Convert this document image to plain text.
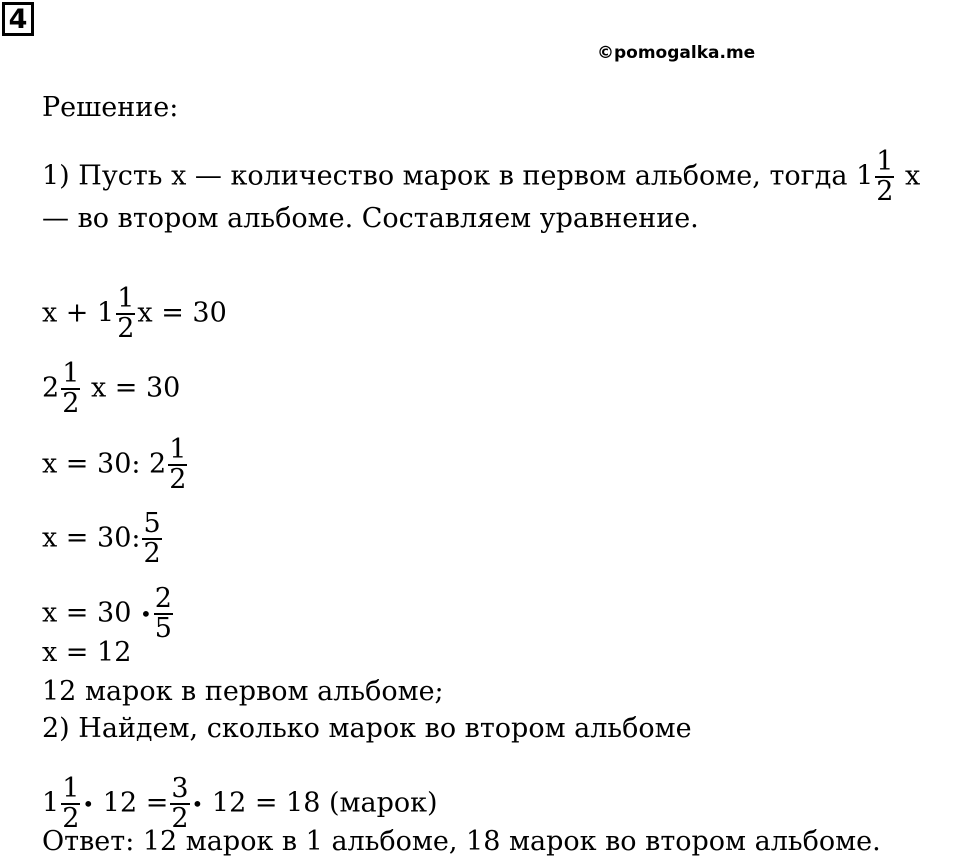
4
©pomogalka.me
Решение:
1) Пусть x — количество марок в первом альбоме, тогда $1 \frac{1}{2}$ x
— во втором альбоме. Составляем уравнение.
$x + 1 \frac{1}{2}$ x = 30
$2 \frac{1}{2}$ x = 30
x = 30: $2 \frac{1}{2}$
x = 30: $\frac{5}{2}$
x = 30 • $\frac{2}{5}$
x = 12
12 марок в первом альбоме;
2) Найдем, сколько марок во втором альбоме
$1 \frac{1}{2}$ • $12 = \frac{3}{2}$ • 12 = 18 (марок)
Ответ: 12 марок в 1 альбоме, 18 марок во втором альбоме.
